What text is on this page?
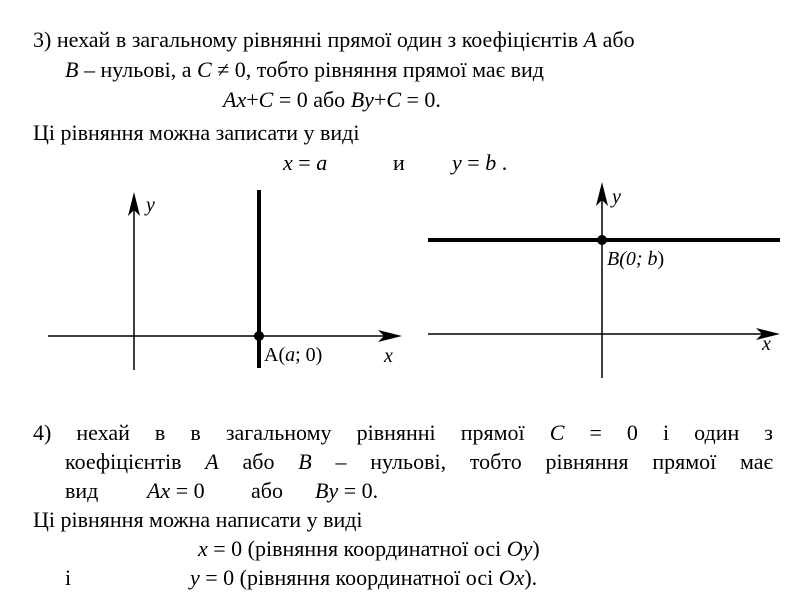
3) нехай в загальному рівнянні прямої один з коефіцієнтів A або
B – нульові, а C ≠ 0, тобто рівняння прямої має вид
Ax+C = 0 або By+C = 0.
Ці рівняння можна записати у виді
x = a	и y = b .
y
x
A(a; 0)
y
x
B(0; b)
4) нехай в в загальному рівнянні прямої C = 0 і один з
коефіцієнтів A або B – нульові, тобто рівняння прямої має
вид Ax = 0 або By = 0.
Ці рівняння можна написати у виді
x = 0 (рівняння координатної осі Oy)
і	y = 0 (рівняння координатної осі Ox).
